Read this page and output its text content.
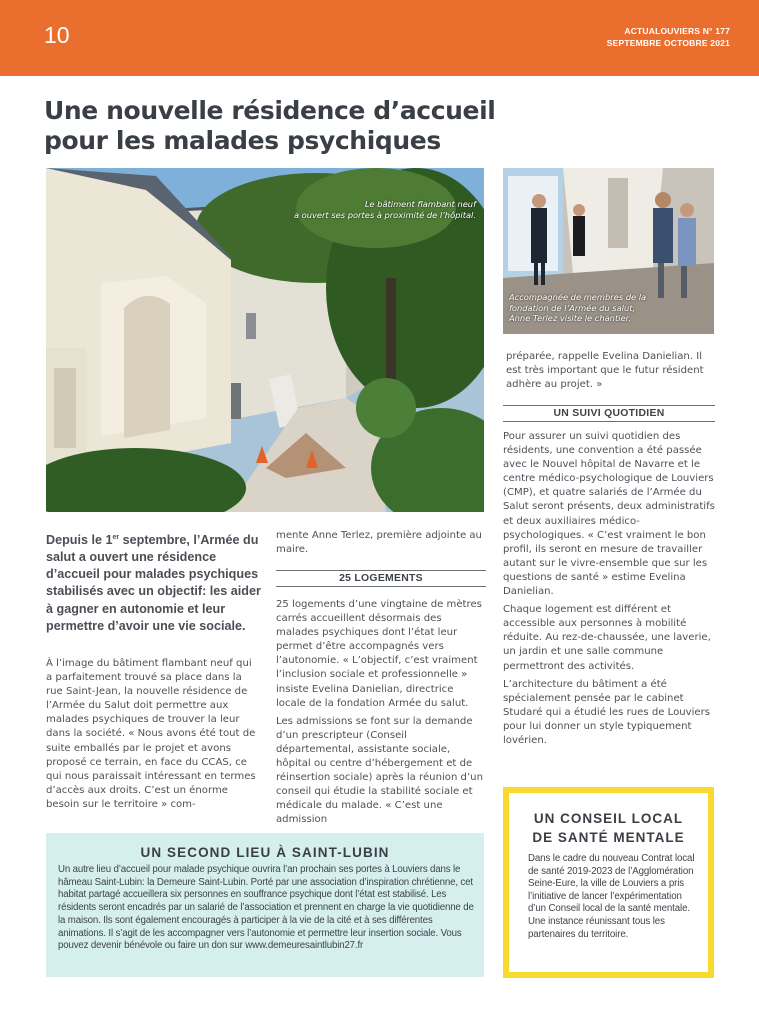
10	ACTUALOUVIERS N° 177
SEPTEMBRE OCTOBRE 2021
Une nouvelle résidence d’accueil
pour les malades psychiques
Le bâtiment flambant neuf
a ouvert ses portes à proximité de l’hôpital.
Accompagnée de membres de la
fondation de l’Armée du salut,
Anne Terlez visite le chantier.
Depuis le 1er septembre, l’Armée du salut a ouvert une résidence d’accueil pour malades psychiques stabilisés avec un objectif: les aider à gagner en autonomie et leur permettre d’avoir une vie sociale.

À l’image du bâtiment flambant neuf qui a parfaitement trouvé sa place dans la rue Saint-Jean, la nouvelle résidence de l’Armée du Salut doit permettre aux malades psychiques de trouver la leur dans la société. « Nous avons été tout de suite emballés par le projet et avons proposé ce terrain, en face du CCAS, ce qui nous paraissait intéressant en termes d’accès aux droits. C’est un énorme besoin sur le territoire » com-

mente Anne Terlez, première adjointe au maire.

25 LOGEMENTS

25 logements d’une vingtaine de mètres carrés accueillent désormais des malades psychiques dont l’état leur permet d’être accompagnés vers l’autonomie. « L’objectif, c’est vraiment l’inclusion sociale et professionnelle » insiste Evelina Danielian, directrice locale de la fondation Armée du salut.

Les admissions se font sur la demande d’un prescripteur (Conseil départemental, assistante sociale, hôpital ou centre d’hébergement et de réinsertion sociale) après la réunion d’un conseil qui étudie la stabilité sociale et médicale du malade. « C’est une admission

préparée, rappelle Evelina Danielian. Il est très important que le futur résident adhère au projet. »

UN SUIVI QUOTIDIEN

Pour assurer un suivi quotidien des résidents, une convention a été passée avec le Nouvel hôpital de Navarre et le centre médico-psychologique de Louviers (CMP), et quatre salariés de l’Armée du Salut seront présents, deux administratifs et deux auxiliaires médico-psychologiques. « C’est vraiment le bon profil, ils seront en mesure de travailler autant sur le vivre-ensemble que sur les questions de santé » estime Evelina Danielian.

Chaque logement est différent et accessible aux personnes à mobilité réduite. Au rez-de-chaussée, une laverie, un jardin et une salle commune permettront des activités.

L’architecture du bâtiment a été spécialement pensée par le cabinet Studaré qui a étudié les rues de Louviers pour lui donner un style typiquement lovérien.

UN SECOND LIEU À SAINT-LUBIN
Un autre lieu d’accueil pour malade psychique ouvrira l’an prochain ses portes à Louviers dans le hâmeau Saint-Lubin: la Demeure Saint-Lubin. Porté par une association d’inspiration chrétienne, cet habitat partagé accueillera six personnes en souffrance psychique dont l’état est stabilisé. Les résidents seront encadrés par un salarié de l’association et prennent en charge la vie quotidienne de la maison. Ils sont également encouragés à participer à la vie de la cité et à ses différentes animations. Il s’agit de les accompagner vers l’autonomie et permettre leur insertion sociale. Vous pouvez devenir bénévole ou faire un don sur www.demeuresaintlubin27.fr
UN CONSEIL LOCAL
DE SANTÉ MENTALE
Dans le cadre du nouveau Contrat local de santé 2019-2023 de l’Agglomération Seine-Eure, la ville de Louviers a pris l’initiative de lancer l’expérimentation d’un Conseil local de la santé mentale. Une instance réunissant tous les partenaires du territoire.
